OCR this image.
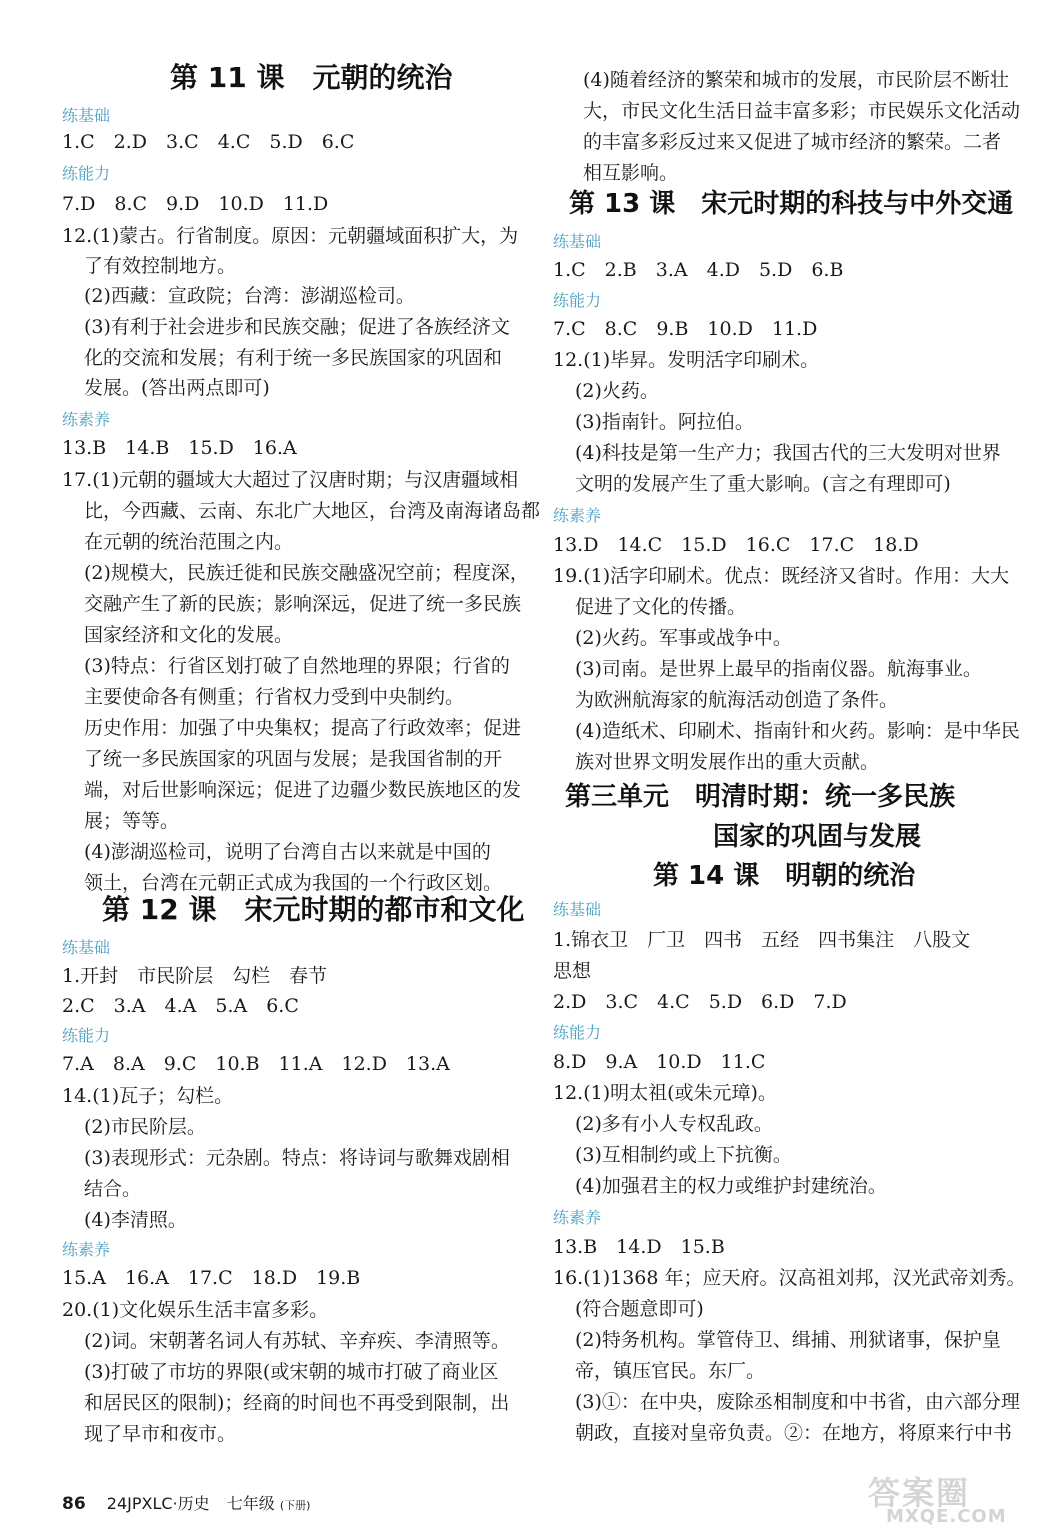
第 11 课　元朝的统治
练基础
1.C　2.D　3.C　4.C　5.D　6.C
练能力
7.D　8.C　9.D　10.D　11.D
12.(1)蒙古。行省制度。原因：元朝疆域面积扩大，为
了有效控制地方。
(2)西藏：宣政院；台湾：澎湖巡检司。
(3)有利于社会进步和民族交融；促进了各族经济文
化的交流和发展；有利于统一多民族国家的巩固和
发展。(答出两点即可)
练素养
13.B　14.B　15.D　16.A
17.(1)元朝的疆域大大超过了汉唐时期；与汉唐疆域相
比，今西藏、云南、东北广大地区，台湾及南海诸岛都
在元朝的统治范围之内。
(2)规模大，民族迁徙和民族交融盛况空前；程度深，
交融产生了新的民族；影响深远，促进了统一多民族
国家经济和文化的发展。
(3)特点：行省区划打破了自然地理的界限；行省的
主要使命各有侧重；行省权力受到中央制约。
历史作用：加强了中央集权；提高了行政效率；促进
了统一多民族国家的巩固与发展；是我国省制的开
端，对后世影响深远；促进了边疆少数民族地区的发
展；等等。
(4)澎湖巡检司，说明了台湾自古以来就是中国的
领土，台湾在元朝正式成为我国的一个行政区划。
第 12 课　宋元时期的都市和文化
练基础
1.开封　市民阶层　勾栏　春节
2.C　3.A　4.A　5.A　6.C
练能力
7.A　8.A　9.C　10.B　11.A　12.D　13.A
14.(1)瓦子；勾栏。
(2)市民阶层。
(3)表现形式：元杂剧。特点：将诗词与歌舞戏剧相
结合。
(4)李清照。
练素养
15.A　16.A　17.C　18.D　19.B
20.(1)文化娱乐生活丰富多彩。
(2)词。宋朝著名词人有苏轼、辛弃疾、李清照等。
(3)打破了市坊的界限(或宋朝的城市打破了商业区
和居民区的限制)；经商的时间也不再受到限制，出
现了早市和夜市。
(4)随着经济的繁荣和城市的发展，市民阶层不断壮
大，市民文化生活日益丰富多彩；市民娱乐文化活动
的丰富多彩反过来又促进了城市经济的繁荣。二者
相互影响。
第 13 课　宋元时期的科技与中外交通
练基础
1.C　2.B　3.A　4.D　5.D　6.B
练能力
7.C　8.C　9.B　10.D　11.D
12.(1)毕昇。发明活字印刷术。
(2)火药。
(3)指南针。阿拉伯。
(4)科技是第一生产力；我国古代的三大发明对世界
文明的发展产生了重大影响。(言之有理即可)
练素养
13.D　14.C　15.D　16.C　17.C　18.D
19.(1)活字印刷术。优点：既经济又省时。作用：大大
促进了文化的传播。
(2)火药。军事或战争中。
(3)司南。是世界上最早的指南仪器。航海事业。
为欧洲航海家的航海活动创造了条件。
(4)造纸术、印刷术、指南针和火药。影响：是中华民
族对世界文明发展作出的重大贡献。
第三单元　明清时期：统一多民族
国家的巩固与发展
第 14 课　明朝的统治
练基础
1.锦衣卫　厂卫　四书　五经　四书集注　八股文
思想
2.D　3.C　4.C　5.D　6.D　7.D
练能力
8.D　9.A　10.D　11.C
12.(1)明太祖(或朱元璋)。
(2)多有小人专权乱政。
(3)互相制约或上下抗衡。
(4)加强君主的权力或维护封建统治。
练素养
13.B　14.D　15.B
16.(1)1368 年；应天府。汉高祖刘邦，汉光武帝刘秀。
(符合题意即可)
(2)特务机构。掌管侍卫、缉捕、刑狱诸事，保护皇
帝，镇压官民。东厂。
(3)①：在中央，废除丞相制度和中书省，由六部分理
朝政，直接对皇帝负责。②：在地方，将原来行中书
86 24JPXLC·历史 七年级 (下册)	答案圈
MXQE.COM
